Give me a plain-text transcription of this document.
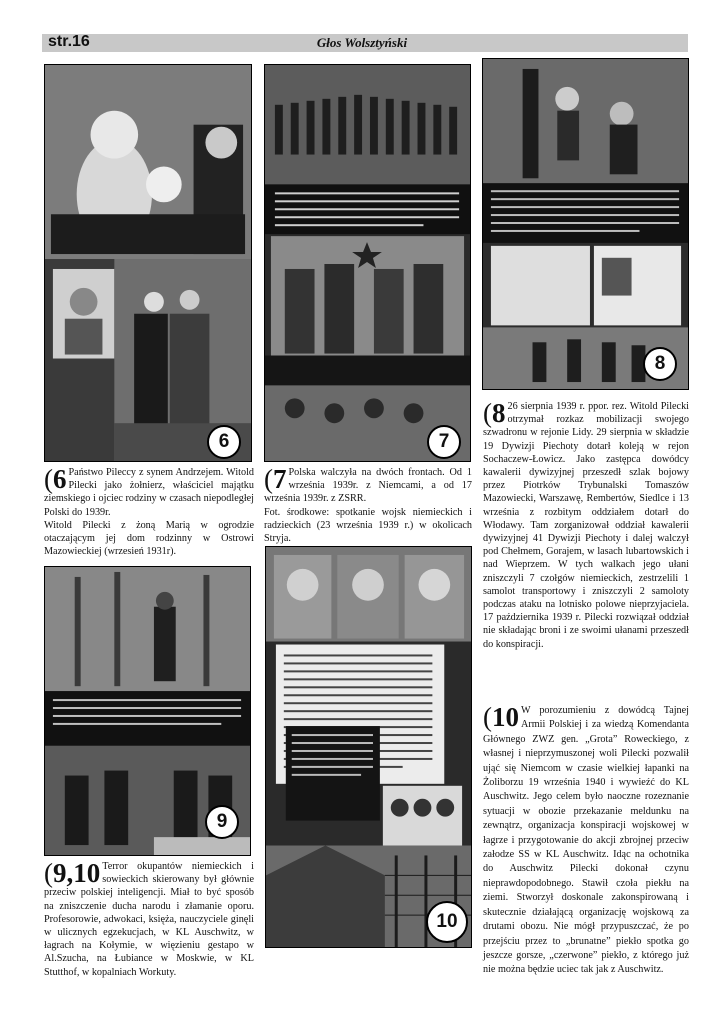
str.16	Głos Wolsztyński
6	7
8
(6 Państwo Pileccy z synem Andrzejem. Witold Pilecki jako żołnierz, właściciel majątku ziemskiego i ojciec rodziny w czasach niepodległej Polski do 1939r.

Witold Pilecki z żoną Marią w ogrodzie otaczającym jej dom rodzinny w Ostrowi Mazowieckiej (wrzesień 1931r).

(7 Polska walczyła na dwóch frontach. Od 1 września 1939r. z Niemcami, a od 17 września 1939r. z ZSRR.

Fot. środkowe: spotkanie wojsk niemieckich i radzieckich (23 września 1939 r.) w okolicach Stryja.

(8 26 sierpnia 1939 r. ppor. rez. Witold Pilecki otrzymał rozkaz mobilizacji swojego szwadronu w rejonie Lidy. 29 sierpnia w składzie 19 Dywizji Piechoty dotarł koleją w rejon Sochaczew-Łowicz. Jako zastępca dowódcy kawalerii dywizyjnej przeszedł szlak bojowy przez Piotrków Trybunalski Tomaszów Mazowiecki, Warszawę, Rembertów, Siedlce i 13 września z rozbitym oddziałem dotarł do Włodawy. Tam zorganizował oddział kawalerii dywizyjnej 41 Dywizji Piechoty i dalej walczył pod Chełmem, Gorajem, w lasach lubartowskich i nad Wieprzem. W tych walkach jego ułani zniszczyli 7 czołgów niemieckich, zestrzelili 1 samolot transportowy i zniszczyli 2 samoloty podczas ataku na lotnisko polowe nieprzyjaciela. 17 października 1939 r. Pilecki rozwiązał oddział nie składając broni i ze swoimi ułanami przeszedł do konspiracji.

9
10
(9,10 Terror okupantów niemieckich i sowieckich skierowany był głównie przeciw polskiej inteligencji. Miał to być sposób na zniszczenie ducha narodu i złamanie oporu. Profesorowie, adwokaci, księża, nauczyciele ginęli w ulicznych egzekucjach, w KL Auschwitz, w łagrach na Kołymie, w więzieniu gestapo w Al.Szucha, na Łubiance w Moskwie, w KL Stutthof, w kopalniach Workuty.

(10 W porozumieniu z dowódcą Tajnej Armii Polskiej i za wiedzą Komendanta Głównego ZWZ gen. „Grota” Roweckiego, z własnej i nieprzymuszonej woli Pilecki pozwalił ująć się Niemcom w czasie wielkiej łapanki na Żoliborzu 19 września 1940 i wywieźć do KL Auschwitz. Jego celem było naoczne rozeznanie sytuacji w obozie przekazanie meldunku na zewnątrz, organizacja konspiracji wojskowej w łagrze i przygotowanie do akcji zbrojnej przeciw załodze SS w KL Auschwitz. Idąc na ochotnika do Auschwitz Pilecki dokonał czynu nieprawdopodobnego. Stawił czoła piekłu na ziemi. Stworzył doskonale zakonspirowaną i skutecznie działającą organizację wojskową za drutami obozu. Nie mógł przypuszczać, że po przejściu przez to „brunatne” piekło spotka go jeszcze gorsze, „czerwone” piekło, z którego już nie można będzie uciec tak jak z Auschwitz.
